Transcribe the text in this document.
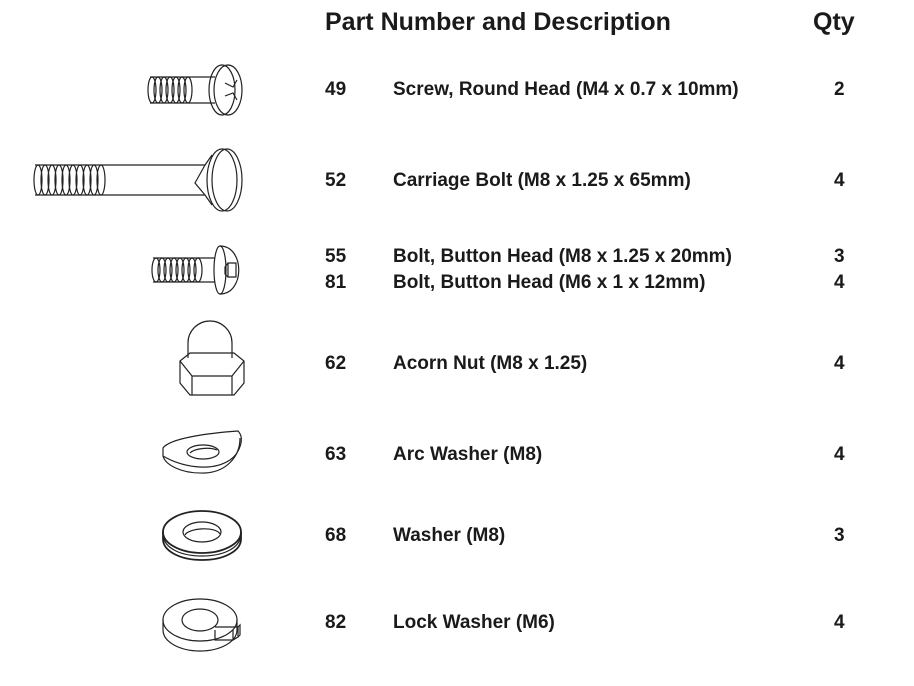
Part Number and Description	Qty
49 Screw, Round Head (M4 x 0.7 x 10mm)	2
52 Carriage Bolt (M8 x 1.25 x 65mm)	4
55 Bolt, Button Head (M8 x 1.25 x 20mm)	3
81 Bolt, Button Head (M6 x 1 x 12mm)	4
62 Acorn Nut (M8 x 1.25)	4
63 Arc Washer (M8)	4
68 Washer (M8)	3
82 Lock Washer (M6)	4
